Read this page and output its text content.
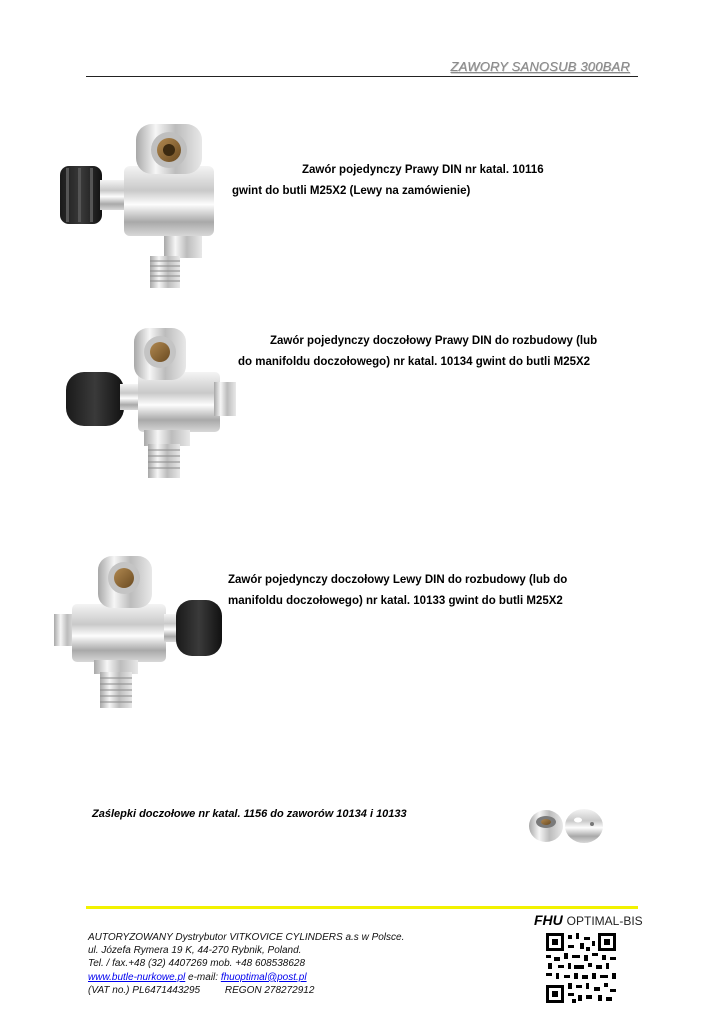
ZAWORY SANOSUB 300BAR
Zawór pojedynczy Prawy DIN nr katal. 10116
gwint do butli M25X2 (Lewy na zamówienie)
Zawór pojedynczy doczołowy Prawy DIN do rozbudowy (lub
do manifoldu doczołowego) nr katal. 10134 gwint do butli M25X2
Zawór pojedynczy doczołowy Lewy DIN do rozbudowy (lub do
manifoldu doczołowego) nr katal. 10133 gwint do butli M25X2
Zaślepki doczołowe nr katal. 1156 do zaworów 10134 i 10133
FHU OPTIMAL-BIS
AUTORYZOWANY Dystrybutor VITKOVICE CYLINDERS a.s w Polsce.
ul. Józefa Rymera 19 K, 44-270 Rybnik, Poland.
Tel. / fax.+48 (32) 4407269 mob. +48 608538628
www.butle-nurkowe.pl e-mail: fhuoptimal@post.pl
(VAT no.) PL6471443295 REGON 278272912
